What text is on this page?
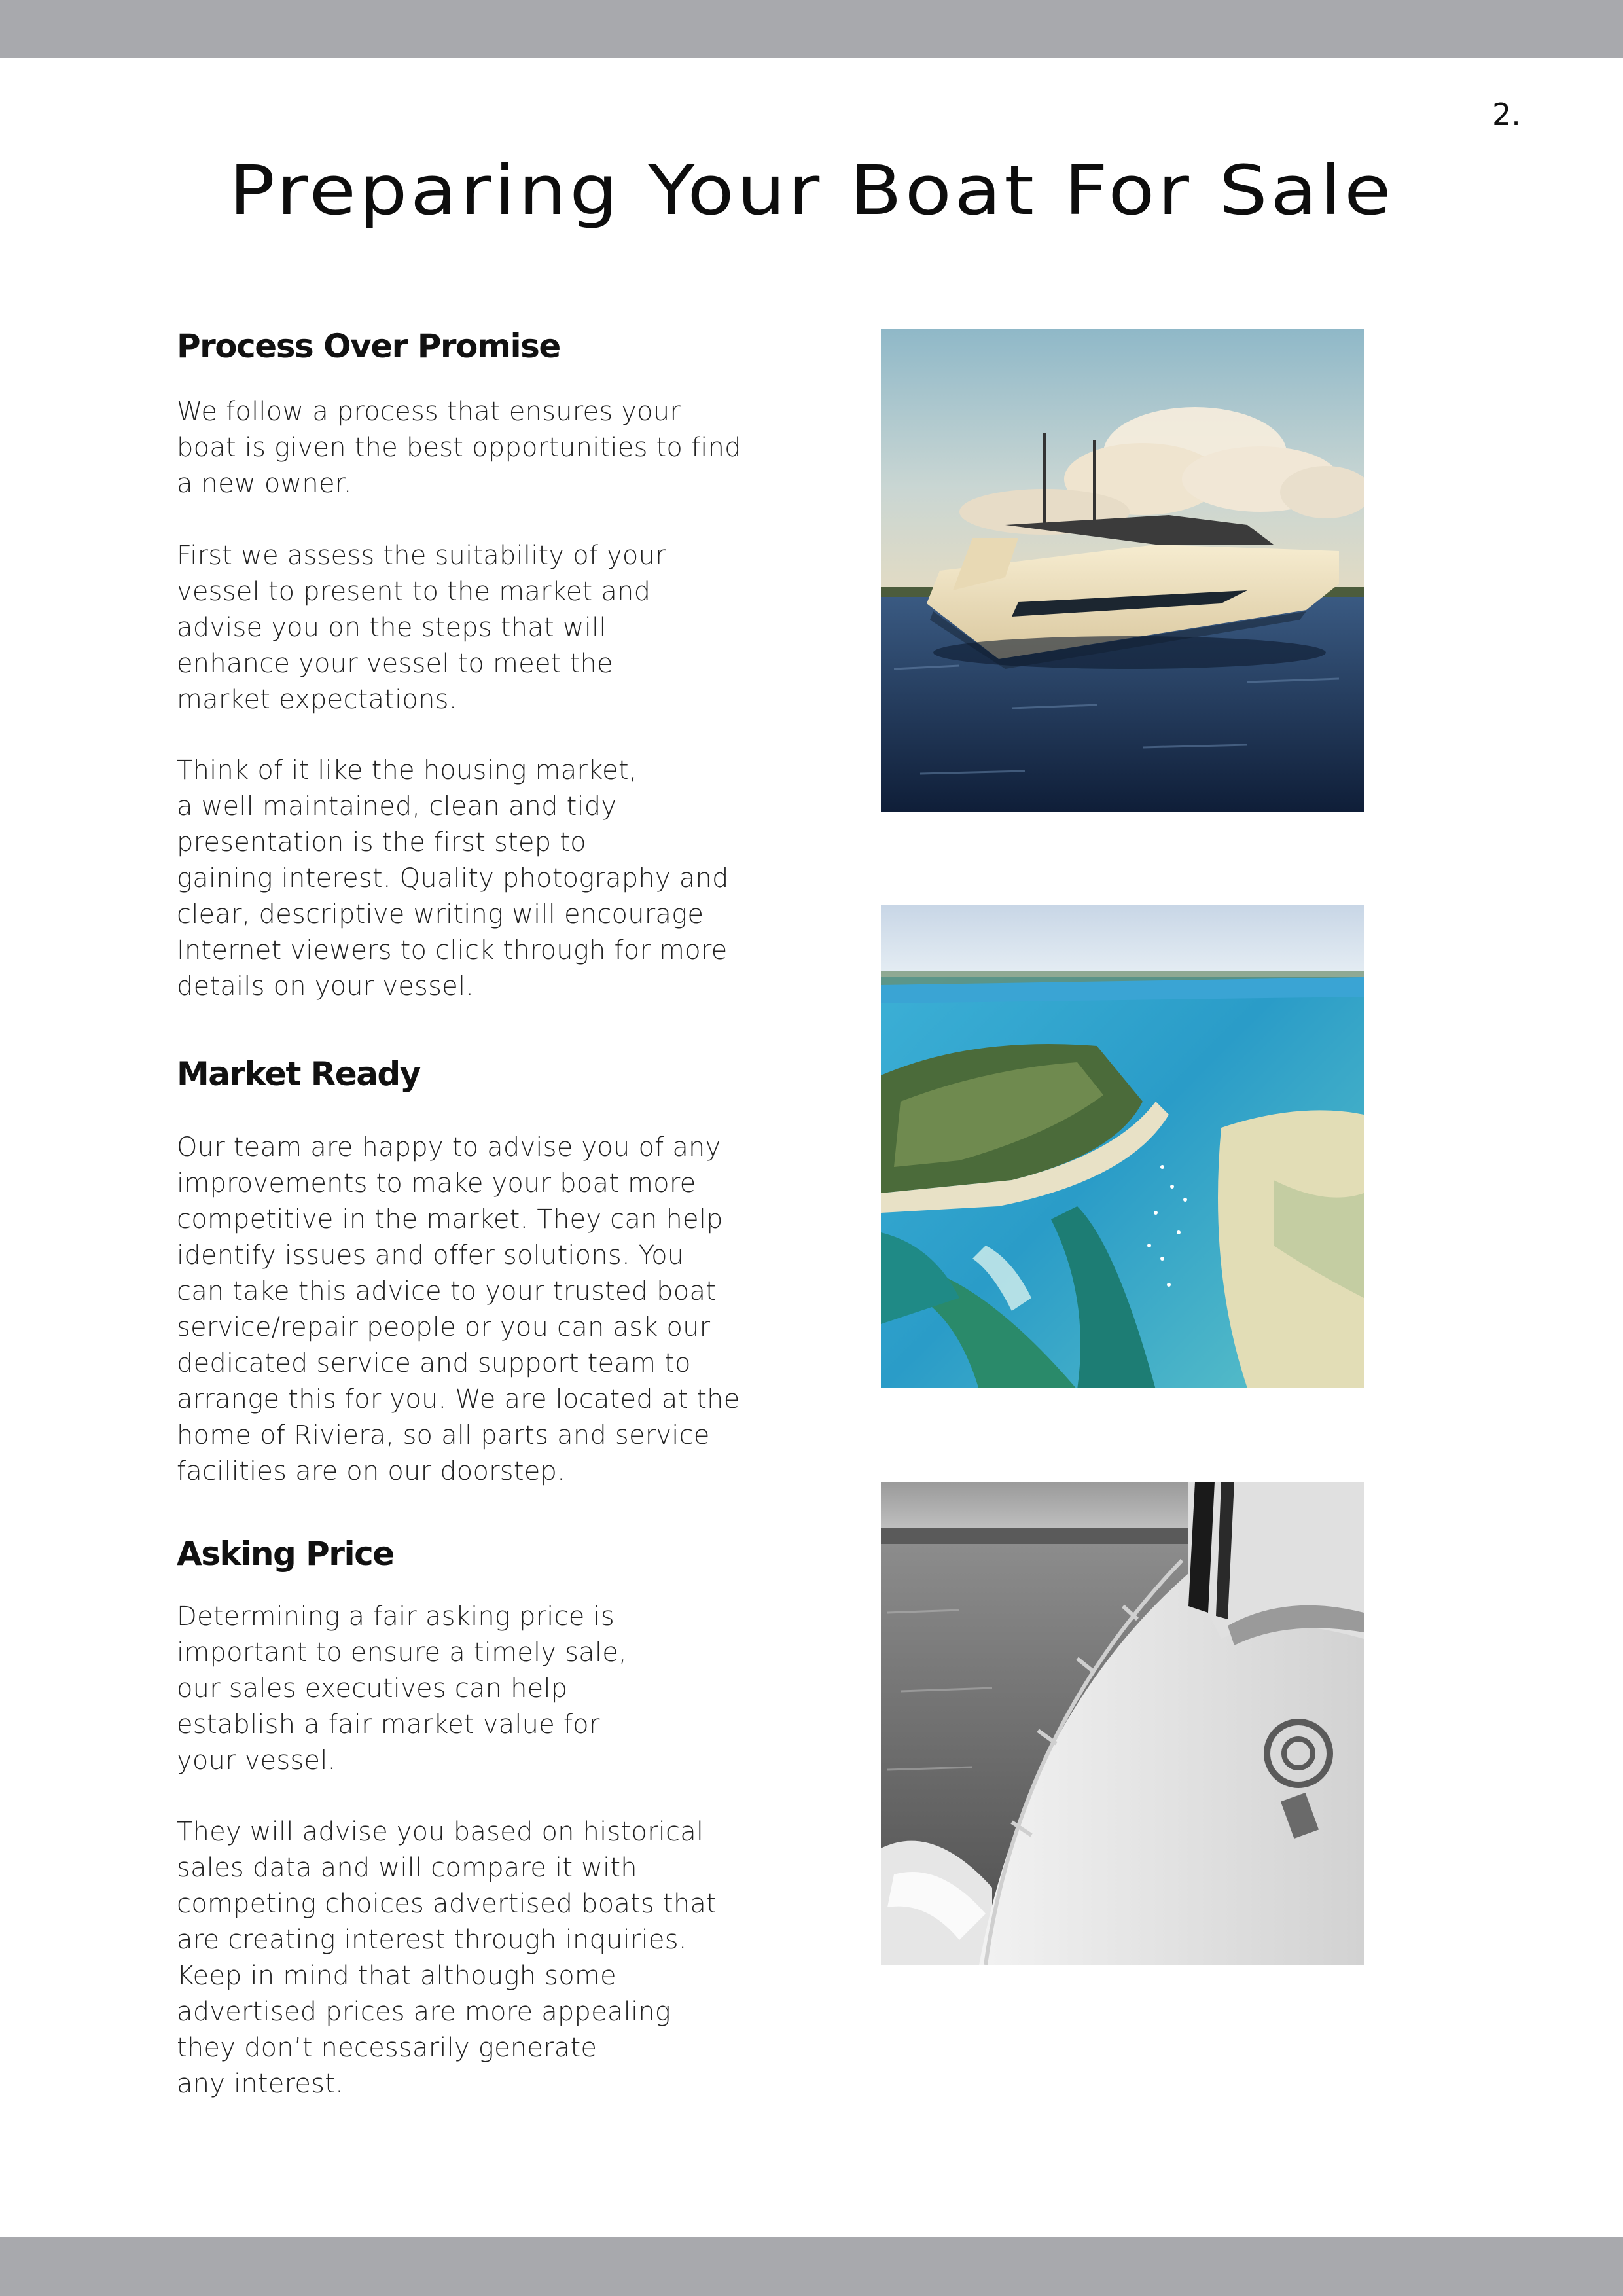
2.
Preparing Your Boat For Sale
Process Over Promise

We follow a process that ensures your
boat is given the best opportunities to find
a new owner.

First we assess the suitability of your
vessel to present to the market and
advise you on the steps that will
enhance your vessel to meet the
market expectations.

Think of it like the housing market,
a well maintained, clean and tidy
presentation is the first step to
gaining interest. Quality photography and
clear, descriptive writing will encourage
Internet viewers to click through for more
details on your vessel.

Market Ready

Our team are happy to advise you of any
improvements to make your boat more
competitive in the market. They can help
identify issues and offer solutions. You
can take this advice to your trusted boat
service/repair people or you can ask our
dedicated service and support team to
arrange this for you. We are located at the
home of Riviera, so all parts and service
facilities are on our doorstep.

Asking Price

Determining a fair asking price is
important to ensure a timely sale,
our sales executives can help
establish a fair market value for
your vessel.

They will advise you based on historical
sales data and will compare it with
competing choices advertised boats that
are creating interest through inquiries.
Keep in mind that although some
advertised prices are more appealing
they don’t necessarily generate
any interest.
